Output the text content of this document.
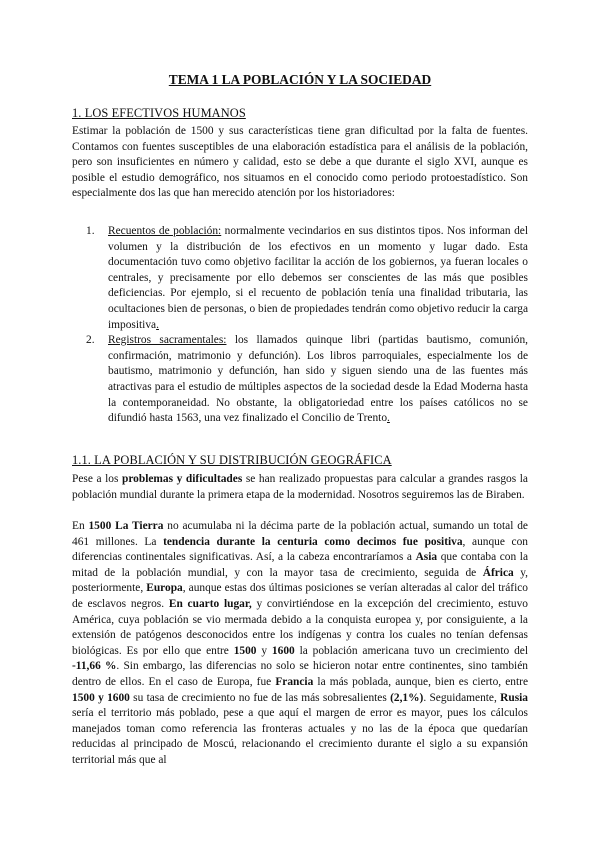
TEMA 1 LA POBLACIÓN Y LA SOCIEDAD
1. LOS EFECTIVOS HUMANOS

Estimar la población de 1500 y sus características tiene gran dificultad por la falta de fuentes. Contamos con fuentes susceptibles de una elaboración estadística para el análisis de la población, pero son insuficientes en número y calidad, esto se debe a que durante el siglo XVI, aunque es posible el estudio demográfico, nos situamos en el conocido como periodo protoestadístico. Son especialmente dos las que han merecido atención por los historiadores:

1. Recuentos de población: normalmente vecindarios en sus distintos tipos. Nos informan del volumen y la distribución de los efectivos en un momento y lugar dado. Esta documentación tuvo como objetivo facilitar la acción de los gobiernos, ya fueran locales o centrales, y precisamente por ello debemos ser conscientes de las más que posibles deficiencias. Por ejemplo, si el recuento de población tenía una finalidad tributaria, las ocultaciones bien de personas, o bien de propiedades tendrán como objetivo reducir la carga impositiva.
2. Registros sacramentales: los llamados quinque libri (partidas bautismo, comunión, confirmación, matrimonio y defunción). Los libros parroquiales, especialmente los de bautismo, matrimonio y defunción, han sido y siguen siendo una de las fuentes más atractivas para el estudio de múltiples aspectos de la sociedad desde la Edad Moderna hasta la contemporaneidad. No obstante, la obligatoriedad entre los países católicos no se difundió hasta 1563, una vez finalizado el Concilio de Trento.
1.1. LA POBLACIÓN Y SU DISTRIBUCIÓN GEOGRÁFICA

Pese a los problemas y dificultades se han realizado propuestas para calcular a grandes rasgos la población mundial durante la primera etapa de la modernidad. Nosotros seguiremos las de Biraben.

En 1500 La Tierra no acumulaba ni la décima parte de la población actual, sumando un total de 461 millones. La tendencia durante la centuria como decimos fue positiva, aunque con diferencias continentales significativas. Así, a la cabeza encontraríamos a Asia que contaba con la mitad de la población mundial, y con la mayor tasa de crecimiento, seguida de África y, posteriormente, Europa, aunque estas dos últimas posiciones se verían alteradas al calor del tráfico de esclavos negros. En cuarto lugar, y convirtiéndose en la excepción del crecimiento, estuvo América, cuya población se vio mermada debido a la conquista europea y, por consiguiente, a la extensión de patógenos desconocidos entre los indígenas y contra los cuales no tenían defensas biológicas. Es por ello que entre 1500 y 1600 la población americana tuvo un crecimiento del -11,66 %. Sin embargo, las diferencias no solo se hicieron notar entre continentes, sino también dentro de ellos. En el caso de Europa, fue Francia la más poblada, aunque, bien es cierto, entre 1500 y 1600 su tasa de crecimiento no fue de las más sobresalientes (2,1%). Seguidamente, Rusia sería el territorio más poblado, pese a que aquí el margen de error es mayor, pues los cálculos manejados toman como referencia las fronteras actuales y no las de la época que quedarían reducidas al principado de Moscú, relacionando el crecimiento durante el siglo a su expansión territorial más que al
